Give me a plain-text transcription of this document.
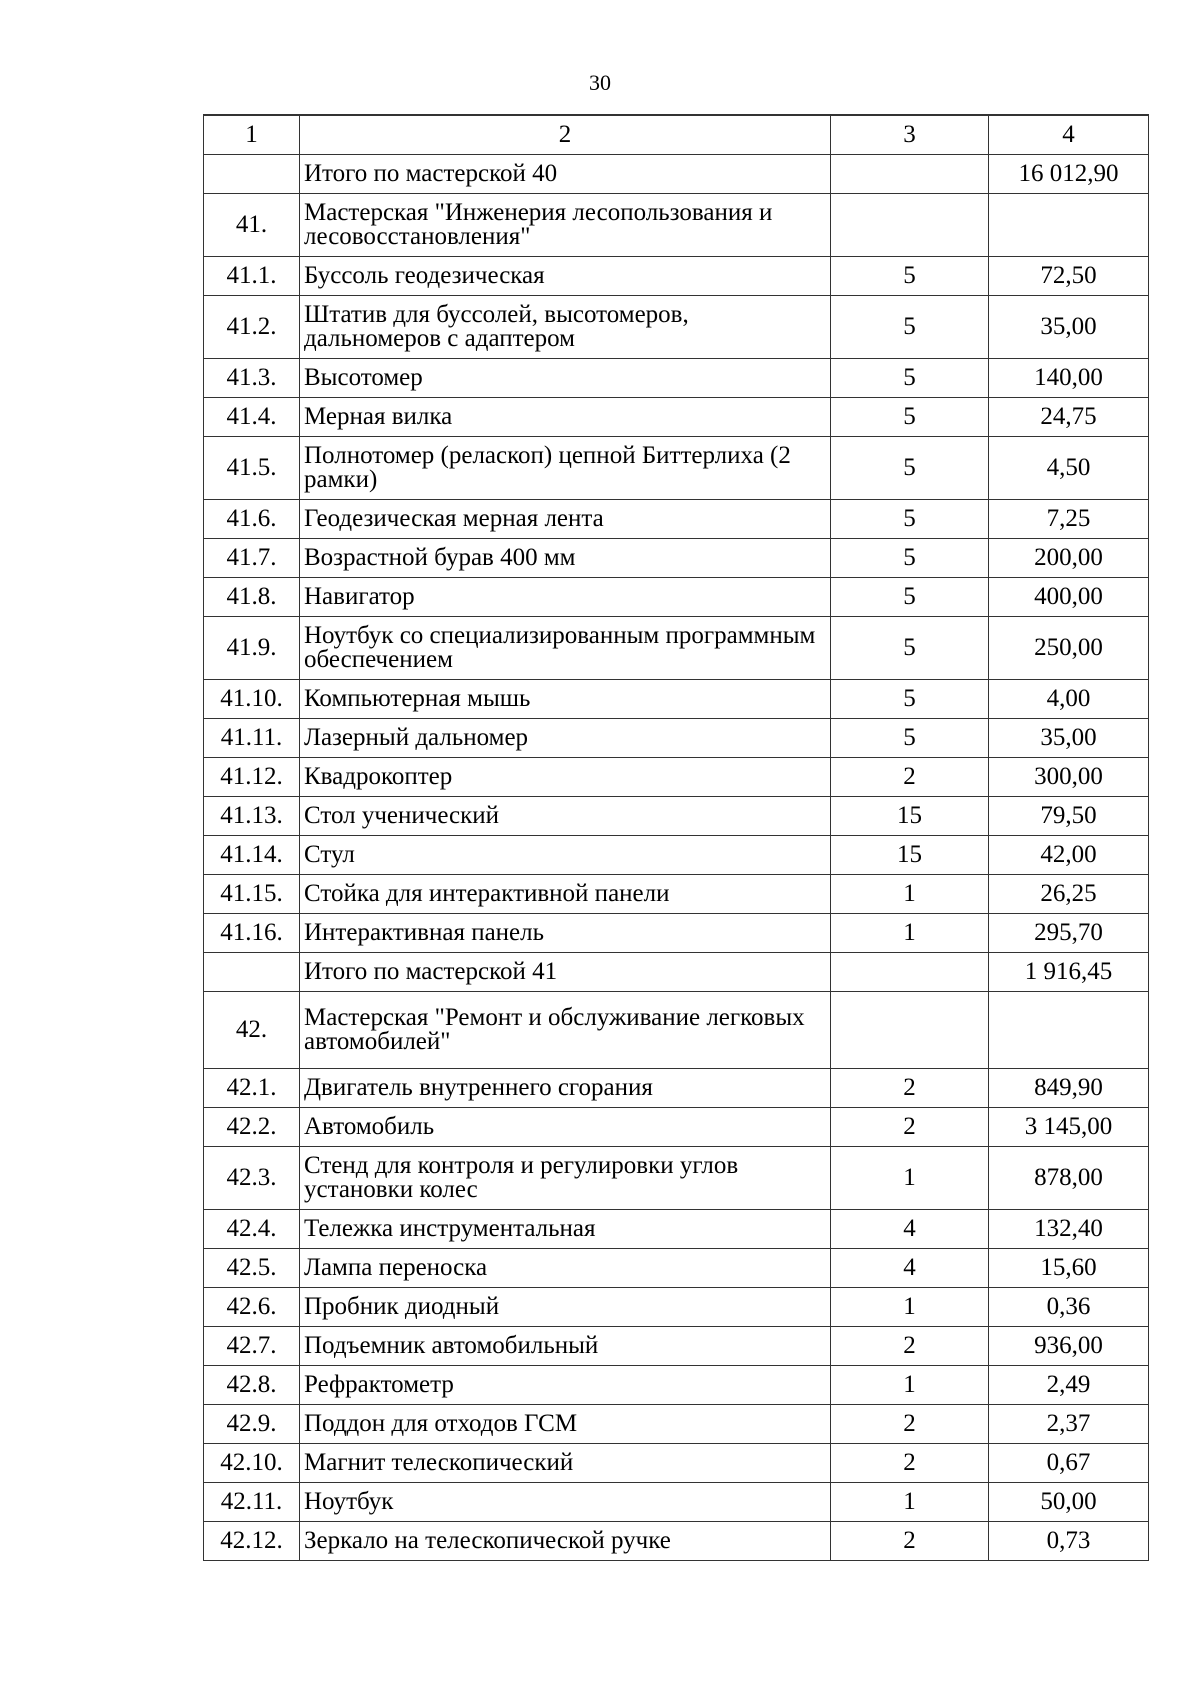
30
1	2	3	4
	Итого по мастерской 40		16 012,90
41.	Мастерская "Инженерия лесопользования и лесовосстановления"		
41.1.	Буссоль геодезическая	5	72,50
41.2.	Штатив для буссолей, высотомеров, дальномеров с адаптером	5	35,00
41.3.	Высотомер	5	140,00
41.4.	Мерная вилка	5	24,75
41.5.	Полнотомер (реласкоп) цепной Биттерлиха (2 рамки)	5	4,50
41.6.	Геодезическая мерная лента	5	7,25
41.7.	Возрастной бурав 400 мм	5	200,00
41.8.	Навигатор	5	400,00
41.9.	Ноутбук со специализированным программным обеспечением	5	250,00
41.10.	Компьютерная мышь	5	4,00
41.11.	Лазерный дальномер	5	35,00
41.12.	Квадрокоптер	2	300,00
41.13.	Стол ученический	15	79,50
41.14.	Стул	15	42,00
41.15.	Стойка для интерактивной панели	1	26,25
41.16.	Интерактивная панель	1	295,70
	Итого по мастерской 41		1 916,45
42.	Мастерская "Ремонт и обслуживание легковых автомобилей"		
42.1.	Двигатель внутреннего сгорания	2	849,90
42.2.	Автомобиль	2	3 145,00
42.3.	Стенд для контроля и регулировки углов установки колес	1	878,00
42.4.	Тележка инструментальная	4	132,40
42.5.	Лампа переноска	4	15,60
42.6.	Пробник диодный	1	0,36
42.7.	Подъемник автомобильный	2	936,00
42.8.	Рефрактометр	1	2,49
42.9.	Поддон для отходов ГСМ	2	2,37
42.10.	Магнит телескопический	2	0,67
42.11.	Ноутбук	1	50,00
42.12.	Зеркало на телескопической ручке	2	0,73
